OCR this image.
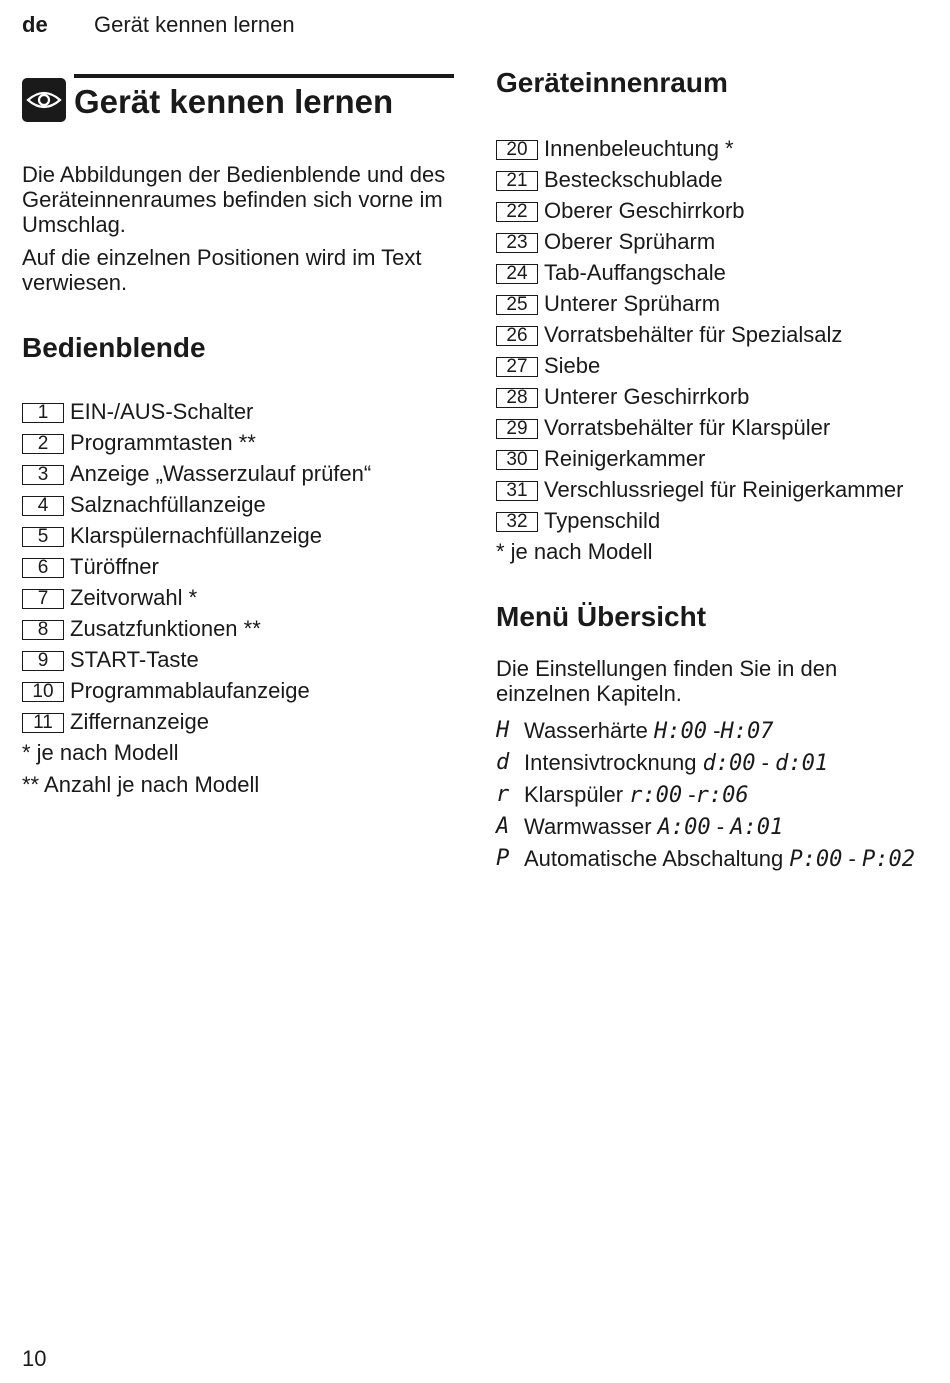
de Gerät kennen lernen
Gerät kennen lernen

Die Abbildungen der Bedienblende und des Geräteinnenraumes befinden sich vorne im Umschlag.

Auf die einzelnen Positionen wird im Text verwiesen.

Bedienblende
1 EIN-/AUS-Schalter
2 Programmtasten **
3 Anzeige „Wasserzulauf prüfen“
4 Salznachfüllanzeige
5 Klarspülernachfüllanzeige
6 Türöffner
7 Zeitvorwahl *
8 Zusatzfunktionen **
9 START-Taste
10 Programmablaufanzeige
11 Ziffernanzeige
* je nach Modell
** Anzahl je nach Modell
Geräteinnenraum
20 Innenbeleuchtung *
21 Besteckschublade
22 Oberer Geschirrkorb
23 Oberer Sprüharm
24 Tab-Auffangschale
25 Unterer Sprüharm
26 Vorratsbehälter für Spezialsalz
27 Siebe
28 Unterer Geschirrkorb
29 Vorratsbehälter für Klarspüler
30 Reinigerkammer
31 Verschlussriegel für Reinigerkammer
32 Typenschild
* je nach Modell
Menü Übersicht

Die Einstellungen finden Sie in den einzelnen Kapiteln.

H Wasserhärte H:00 -H:07
d Intensivtrocknung d:00 - d:01
r Klarspüler r:00 -r:06
A Warmwasser A:00 - A:01
P Automatische Abschaltung P:00 - P:02
10
